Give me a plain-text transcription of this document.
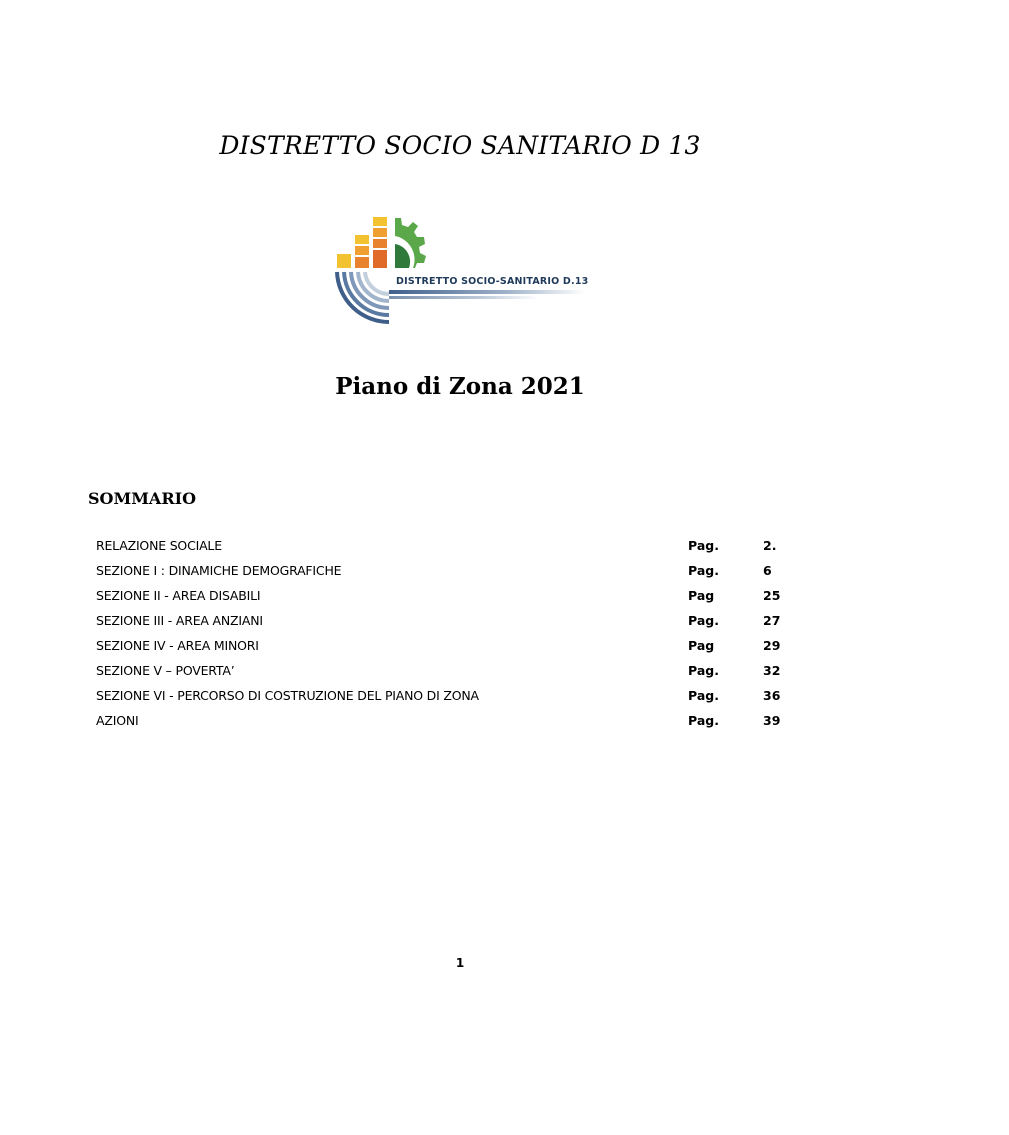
DISTRETTO SOCIO SANITARIO D 13
DISTRETTO SOCIO-SANITARIO D.13
Piano di Zona 2021
SOMMARIO
RELAZIONE SOCIALE	Pag.	2.
SEZIONE I : DINAMICHE DEMOGRAFICHE	Pag.	6
SEZIONE II - AREA DISABILI	Pag	25
SEZIONE III - AREA ANZIANI	Pag.	27
SEZIONE IV - AREA MINORI	Pag	29
SEZIONE V – POVERTA’	Pag.	32
SEZIONE VI - PERCORSO DI COSTRUZIONE DEL PIANO DI ZONA	Pag.	36
AZIONI	Pag.	39
1
